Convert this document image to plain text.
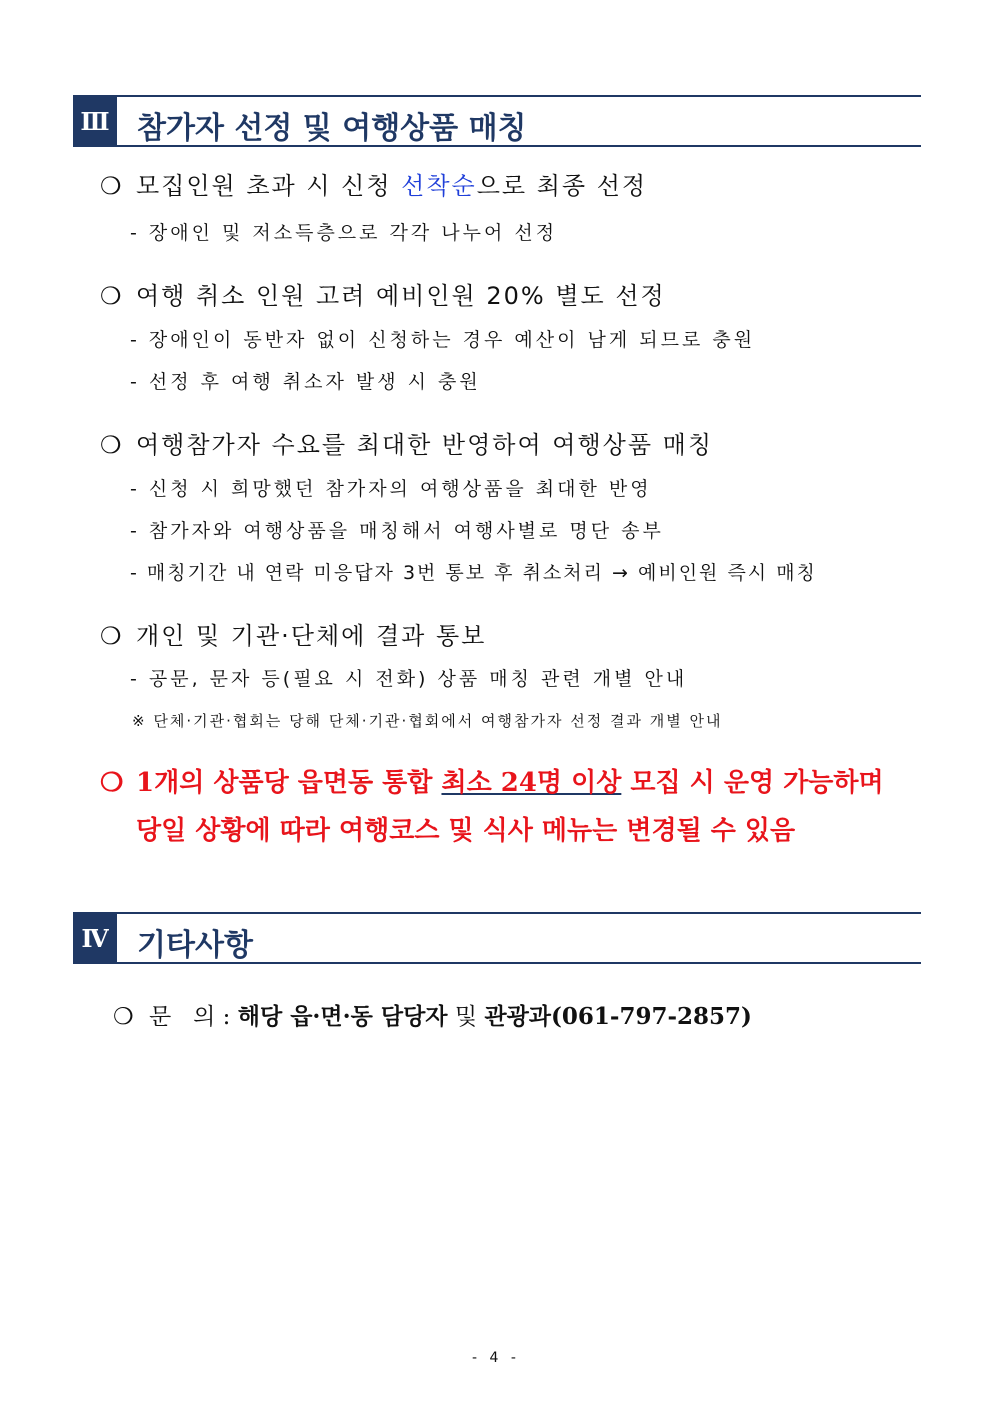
Ⅲ 참가자 선정 및 여행상품 매칭
❍ 모집인원 초과 시 신청 선착순으로 최종 선정
- 장애인 및 저소득층으로 각각 나누어 선정
❍ 여행 취소 인원 고려 예비인원 20% 별도 선정
- 장애인이 동반자 없이 신청하는 경우 예산이 남게 되므로 충원
- 선정 후 여행 취소자 발생 시 충원
❍ 여행참가자 수요를 최대한 반영하여 여행상품 매칭
- 신청 시 희망했던 참가자의 여행상품을 최대한 반영
- 참가자와 여행상품을 매칭해서 여행사별로 명단 송부
- 매칭기간 내 연락 미응답자 3번 통보 후 취소처리 → 예비인원 즉시 매칭
❍ 개인 및 기관·단체에 결과 통보
- 공문, 문자 등(필요 시 전화) 상품 매칭 관련 개별 안내
※ 단체·기관·협회는 당해 단체·기관·협회에서 여행참가자 선정 결과 개별 안내
❍ 1개의 상품당 읍면동 통합 최소 24명 이상 모집 시 운영 가능하며
당일 상황에 따라 여행코스 및 식사 메뉴는 변경될 수 있음
Ⅳ 기타사항
❍ 문   의 : 해당 읍·면·동 담당자 및 관광과(061-797-2857)
- 4 -
